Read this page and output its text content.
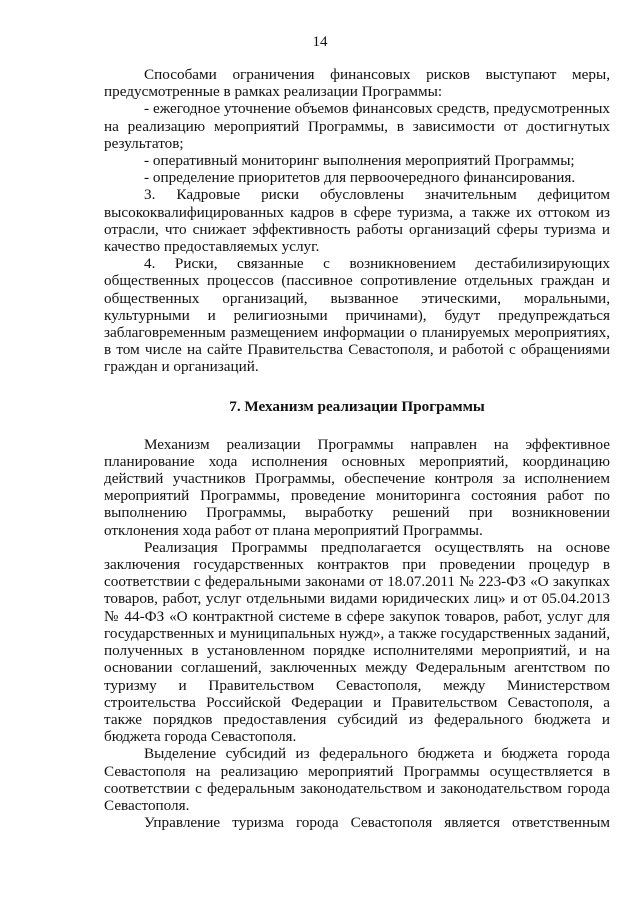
14

Способами ограничения финансовых рисков выступают меры, предусмотренные в рамках реализации Программы:

- ежегодное уточнение объемов финансовых средств, предусмотренных на реализацию мероприятий Программы, в зависимости от достигнутых результатов;

- оперативный мониторинг выполнения мероприятий Программы;

- определение приоритетов для первоочередного финансирования.

3. Кадровые риски обусловлены значительным дефицитом высококвалифицированных кадров в сфере туризма, а также их оттоком из отрасли, что снижает эффективность работы организаций сферы туризма и качество предоставляемых услуг.

4. Риски, связанные с возникновением дестабилизирующих общественных процессов (пассивное сопротивление отдельных граждан и общественных организаций, вызванное этическими, моральными, культурными и религиозными причинами), будут предупреждаться заблаговременным размещением информации о планируемых мероприятиях, в том числе на сайте Правительства Севастополя, и работой с обращениями граждан и организаций.

7. Механизм реализации Программы

Механизм реализации Программы направлен на эффективное планирование хода исполнения основных мероприятий, координацию действий участников Программы, обеспечение контроля за исполнением мероприятий Программы, проведение мониторинга состояния работ по выполнению Программы, выработку решений при возникновении отклонения хода работ от плана мероприятий Программы.

Реализация Программы предполагается осуществлять на основе заключения государственных контрактов при проведении процедур в соответствии с федеральными законами от 18.07.2011 № 223-ФЗ «О закупках товаров, работ, услуг отдельными видами юридических лиц» и от 05.04.2013 № 44-ФЗ «О контрактной системе в сфере закупок товаров, работ, услуг для государственных и муниципальных нужд», а также государственных заданий, полученных в установленном порядке исполнителями мероприятий, и на основании соглашений, заключенных между Федеральным агентством по туризму и Правительством Севастополя, между Министерством строительства Российской Федерации и Правительством Севастополя, а также порядков предоставления субсидий из федерального бюджета и бюджета города Севастополя.

Выделение субсидий из федерального бюджета и бюджета города Севастополя на реализацию мероприятий Программы осуществляется в соответствии с федеральным законодательством и законодательством города Севастополя.

Управление туризма города Севастополя является ответственным
